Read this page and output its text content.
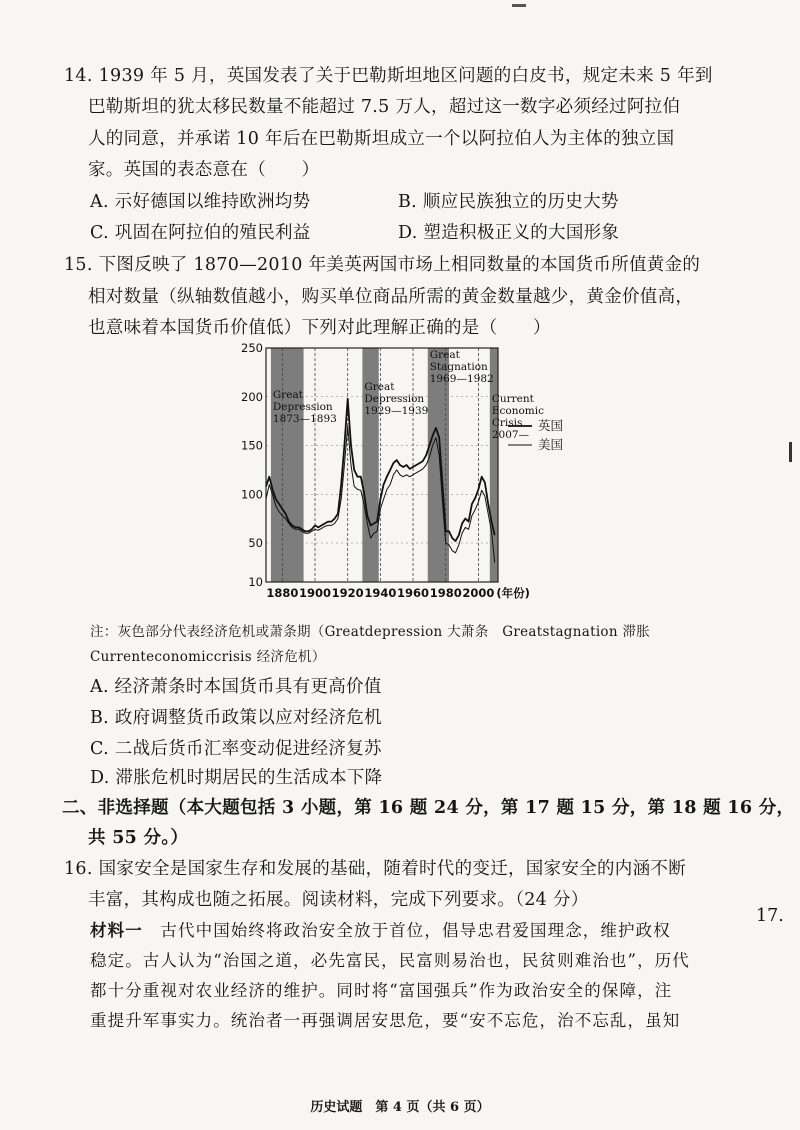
14. 1939 年 5 月，英国发表了关于巴勒斯坦地区问题的白皮书，规定未来 5 年到
巴勒斯坦的犹太移民数量不能超过 7.5 万人，超过这一数字必须经过阿拉伯
人的同意，并承诺 10 年后在巴勒斯坦成立一个以阿拉伯人为主体的独立国
家。英国的表态意在（　　）
A. 示好德国以维持欧洲均势	B. 顺应民族独立的历史大势
C. 巩固在阿拉伯的殖民利益	D. 塑造积极正义的大国形象
15. 下图反映了 1870—2010 年美英两国市场上相同数量的本国货币所值黄金的
相对数量（纵轴数值越小，购买单位商品所需的黄金数量越少，黄金价值高，
也意味着本国货币价值低）下列对此理解正确的是（　　）
Great
Depression
1873—1893
Great
Depression
1929—1939
Great
Stagnation
1969—1982
Current
Economic
Crisis
2007—
10
50
100
150
200
250
1880 1900 1920 1940 1960 1980 2000 (年份)
英国
美国
注：灰色部分代表经济危机或萧条期（Greatdepression 大萧条　Greatstagnation 滞胀
Currenteconomiccrisis 经济危机）
A. 经济萧条时本国货币具有更高价值
B. 政府调整货币政策以应对经济危机
C. 二战后货币汇率变动促进经济复苏
D. 滞胀危机时期居民的生活成本下降
二、非选择题（本大题包括 3 小题，第 16 题 24 分，第 17 题 15 分，第 18 题 16 分，
共 55 分。）
16. 国家安全是国家生存和发展的基础，随着时代的变迁，国家安全的内涵不断
丰富，其构成也随之拓展。阅读材料，完成下列要求。（24 分）
材料一　古代中国始终将政治安全放于首位，倡导忠君爱国理念，维护政权
稳定。古人认为“治国之道，必先富民，民富则易治也，民贫则难治也”，历代
都十分重视对农业经济的维护。同时将“富国强兵”作为政治安全的保障，注
重提升军事实力。统治者一再强调居安思危，要“安不忘危，治不忘乱，虽知
17.
历史试题　第 4 页（共 6 页）
